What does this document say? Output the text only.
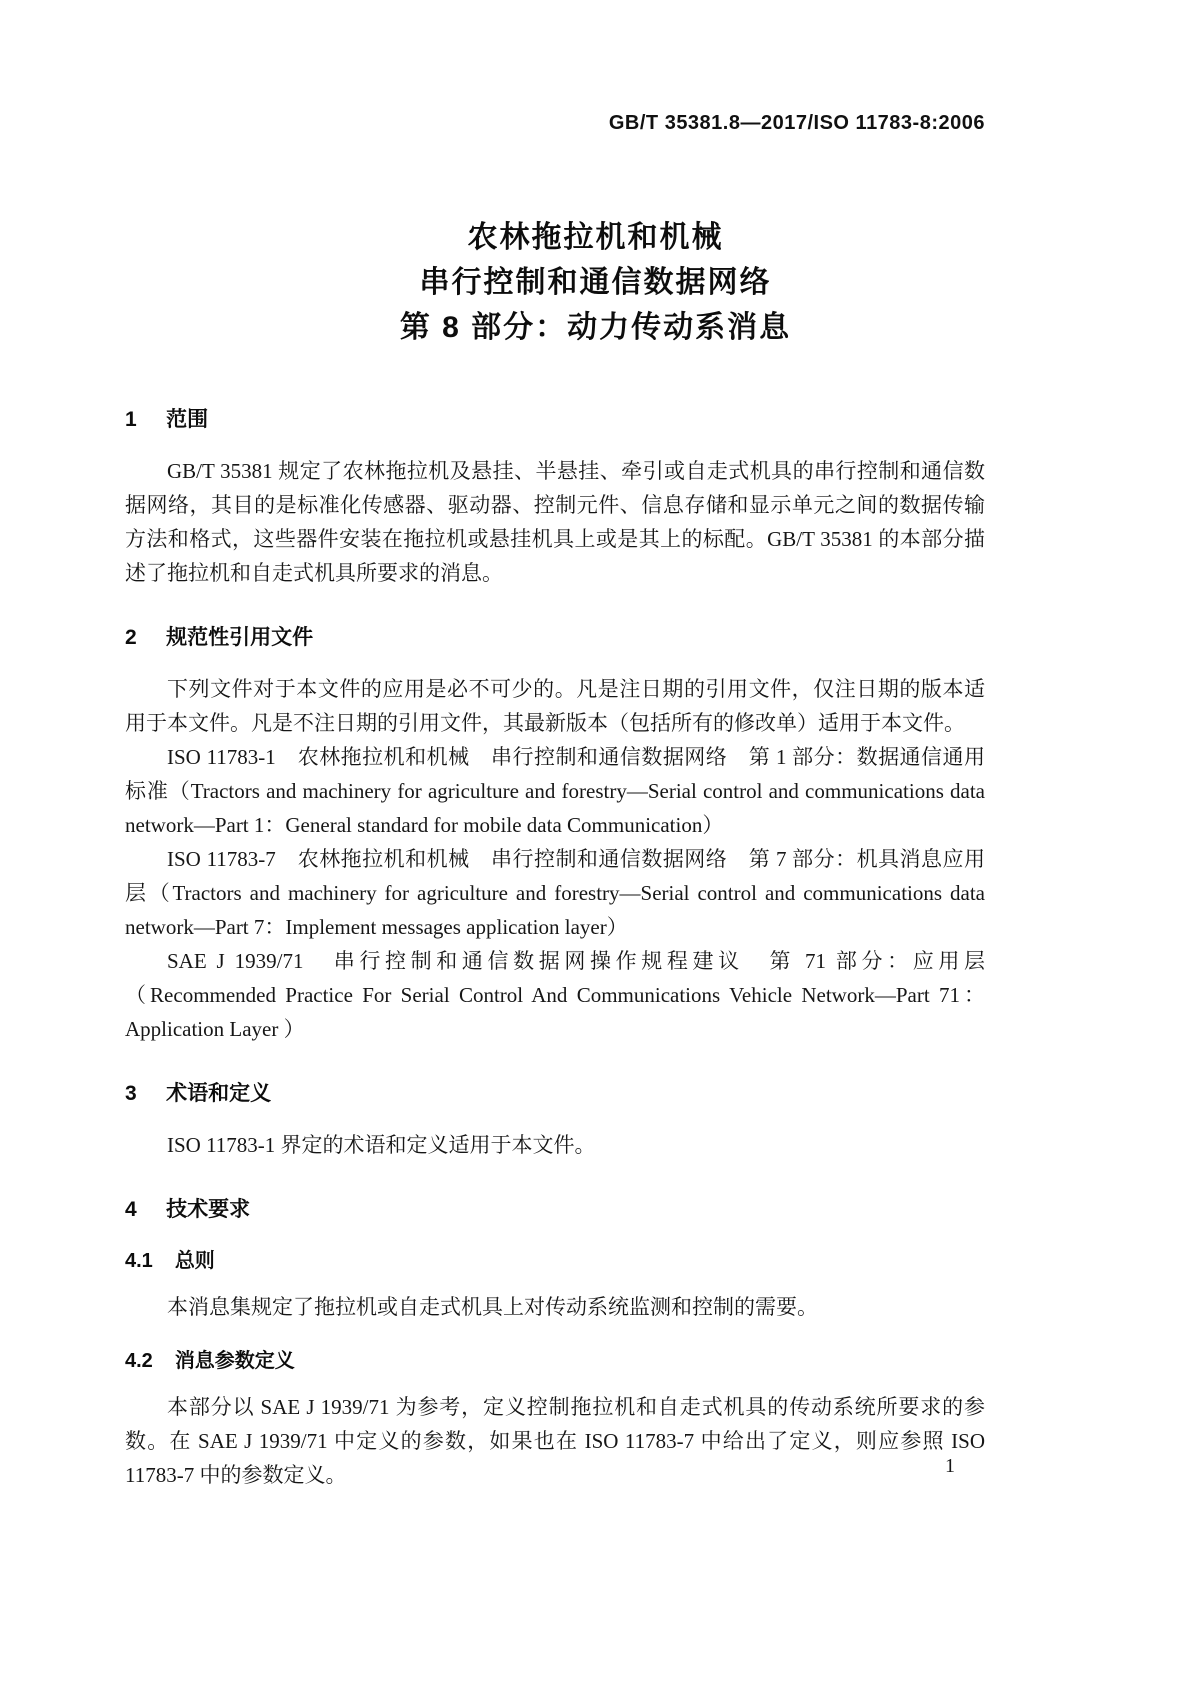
GB/T 35381.8—2017/ISO 11783-8:2006
农林拖拉机和机械
串行控制和通信数据网络
第 8 部分：动力传动系消息
1 范围

GB/T 35381 规定了农林拖拉机及悬挂、半悬挂、牵引或自走式机具的串行控制和通信数据网络，其目的是标准化传感器、驱动器、控制元件、信息存储和显示单元之间的数据传输方法和格式，这些器件安装在拖拉机或悬挂机具上或是其上的标配。GB/T 35381 的本部分描述了拖拉机和自走式机具所要求的消息。

2 规范性引用文件

下列文件对于本文件的应用是必不可少的。凡是注日期的引用文件，仅注日期的版本适用于本文件。凡是不注日期的引用文件，其最新版本（包括所有的修改单）适用于本文件。

ISO 11783-1　农林拖拉机和机械　串行控制和通信数据网络　第 1 部分：数据通信通用标准（Tractors and machinery for agriculture and forestry—Serial control and communications data network—Part 1：General standard for mobile data Communication）

ISO 11783-7　农林拖拉机和机械　串行控制和通信数据网络　第 7 部分：机具消息应用层（Tractors and machinery for agriculture and forestry—Serial control and communications data network—Part 7：Implement messages application layer）

SAE J 1939/71　串行控制和通信数据网操作规程建议　第 71 部分：应用层（Recommended Practice For Serial Control And Communications Vehicle Network—Part 71：Application Layer ）

3 术语和定义

ISO 11783-1 界定的术语和定义适用于本文件。

4 技术要求
4.1 总则

本消息集规定了拖拉机或自走式机具上对传动系统监测和控制的需要。

4.2 消息参数定义

本部分以 SAE J 1939/71 为参考，定义控制拖拉机和自走式机具的传动系统所要求的参数。在 SAE J 1939/71 中定义的参数，如果也在 ISO 11783-7 中给出了定义，则应参照 ISO 11783-7 中的参数定义。	1
